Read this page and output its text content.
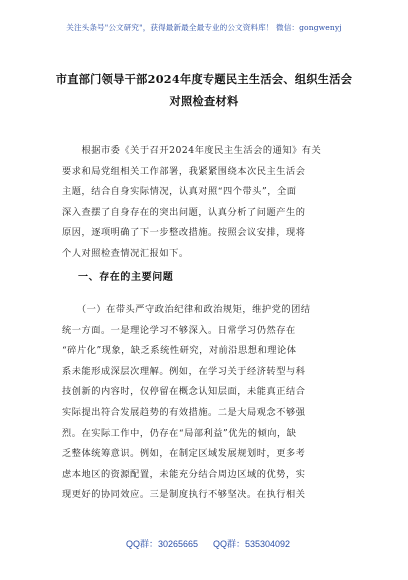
关注头条号"公文研究"，获得最新最全最专业的公文资料库！ 微信：gongwenyj
市直部门领导干部2024年度专题民主生活会、组织生活会
对照检查材料
　　根据市委《关于召开2024年度民主生活会的通知》有关
要求和局党组相关工作部署，我紧紧围绕本次民主生活会
主题，结合自身实际情况，认真对照“四个带头”，全面
深入查摆了自身存在的突出问题，认真分析了问题产生的
原因，逐项明确了下一步整改措施。按照会议安排，现将
个人对照检查情况汇报如下。
一、存在的主要问题
　　（一）在带头严守政治纪律和政治规矩，维护党的团结
统一方面。一是理论学习不够深入。日常学习仍然存在
“碎片化”现象，缺乏系统性研究，对前沿思想和理论体
系未能形成深层次理解。例如，在学习关于经济转型与科
技创新的内容时，仅停留在概念认知层面，未能真正结合
实际提出符合发展趋势的有效措施。二是大局观念不够强
烈。在实际工作中，仍存在“局部利益”优先的倾向，缺
乏整体统筹意识。例如，在制定区域发展规划时，更多考
虑本地区的资源配置，未能充分结合周边区域的优势，实
现更好的协同效应。三是制度执行不够坚决。在执行相关
QQ群：30265665 QQ群：535304092
